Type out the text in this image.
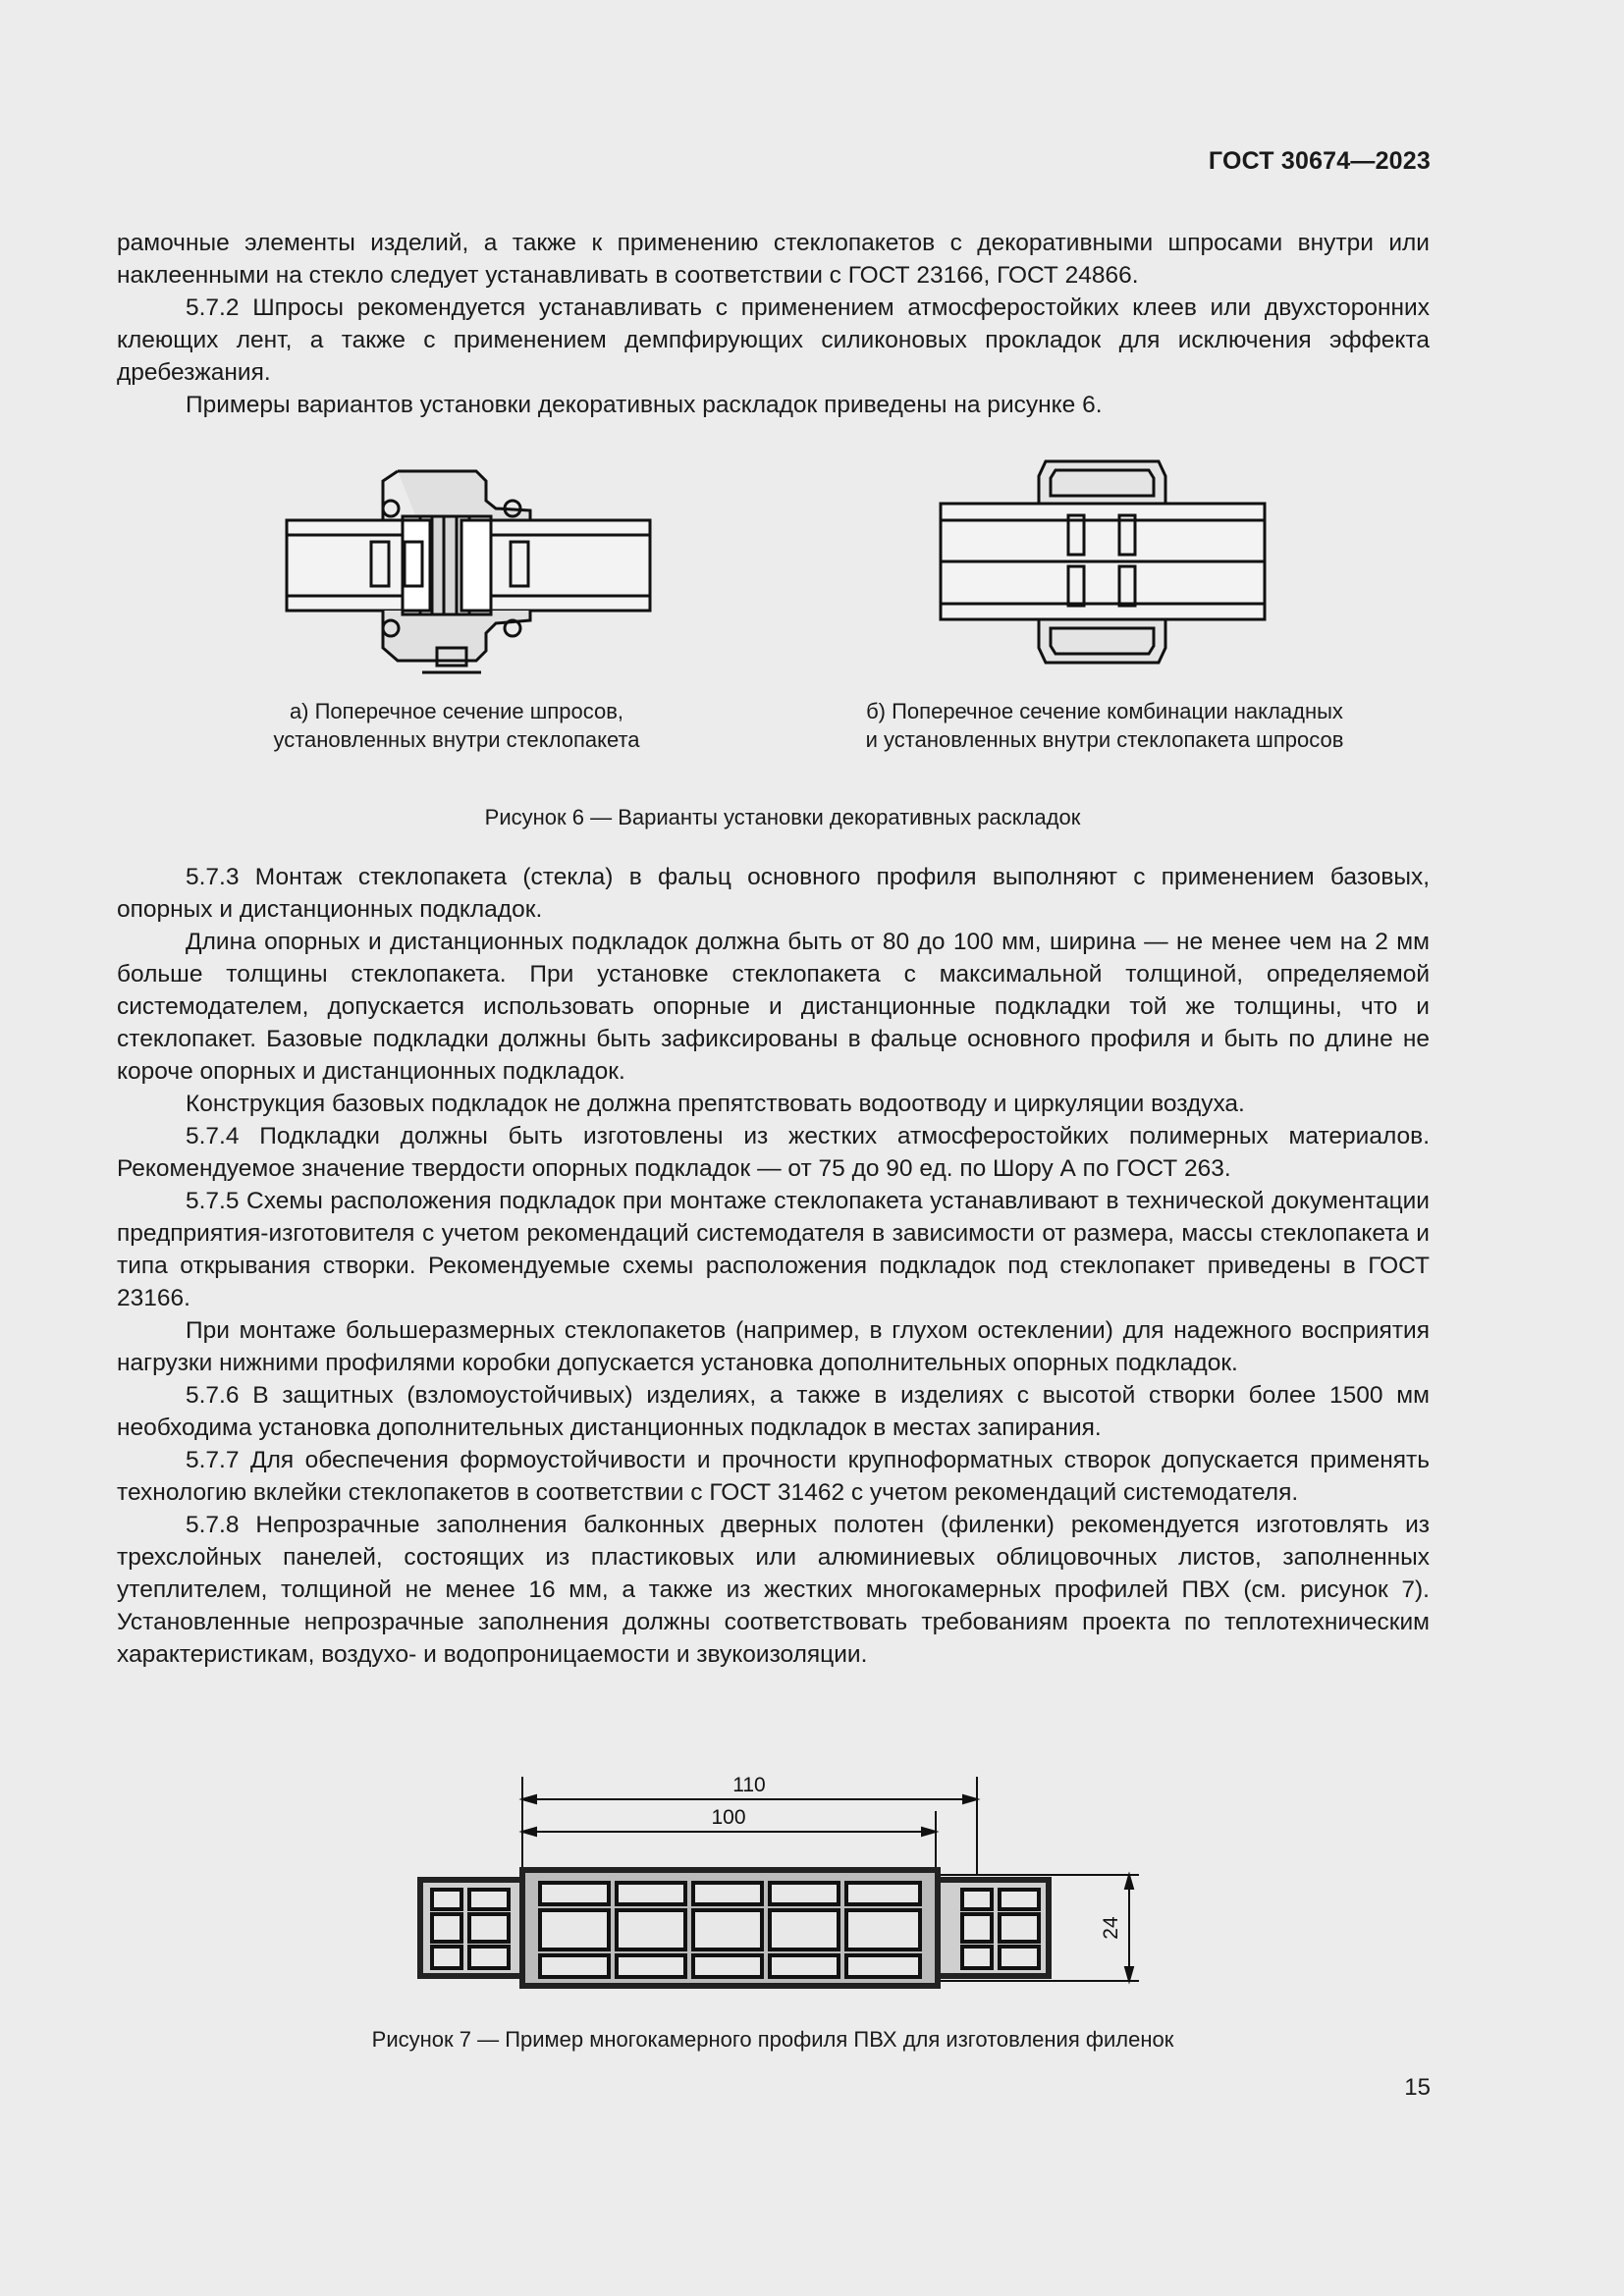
ГОСТ 30674—2023

рамочные элементы изделий, а также к применению стеклопакетов с декоративными шпросами внутри или наклеенными на стекло следует устанавливать в соответствии с ГОСТ 23166, ГОСТ 24866.

5.7.2 Шпросы рекомендуется устанавливать с применением атмосферостойких клеев или двухсторонних клеющих лент, а также с применением демпфирующих силиконовых прокладок для исключения эффекта дребезжания.

Примеры вариантов установки декоративных раскладок приведены на рисунке 6.

а) Поперечное сечение шпросов, установленных внутри стеклопакета
б) Поперечное сечение комбинации накладных и установленных внутри стеклопакета шпросов
Рисунок 6 — Варианты установки декоративных раскладок

5.7.3 Монтаж стеклопакета (стекла) в фальц основного профиля выполняют с применением базовых, опорных и дистанционных подкладок.

Длина опорных и дистанционных подкладок должна быть от 80 до 100 мм, ширина — не менее чем на 2 мм больше толщины стеклопакета. При установке стеклопакета с максимальной толщиной, определяемой системодателем, допускается использовать опорные и дистанционные подкладки той же толщины, что и стеклопакет. Базовые подкладки должны быть зафиксированы в фальце основного профиля и быть по длине не короче опорных и дистанционных подкладок.

Конструкция базовых подкладок не должна препятствовать водоотводу и циркуляции воздуха.

5.7.4 Подкладки должны быть изготовлены из жестких атмосферостойких полимерных материалов. Рекомендуемое значение твердости опорных подкладок — от 75 до 90 ед. по Шору А по ГОСТ 263.

5.7.5 Схемы расположения подкладок при монтаже стеклопакета устанавливают в технической документации предприятия-изготовителя с учетом рекомендаций системодателя в зависимости от размера, массы стеклопакета и типа открывания створки. Рекомендуемые схемы расположения подкладок под стеклопакет приведены в ГОСТ 23166.

При монтаже большеразмерных стеклопакетов (например, в глухом остеклении) для надежного восприятия нагрузки нижними профилями коробки допускается установка дополнительных опорных подкладок.

5.7.6 В защитных (взломоустойчивых) изделиях, а также в изделиях с высотой створки более 1500 мм необходима установка дополнительных дистанционных подкладок в местах запирания.

5.7.7 Для обеспечения формоустойчивости и прочности крупноформатных створок допускается применять технологию вклейки стеклопакетов в соответствии с ГОСТ 31462 с учетом рекомендаций системодателя.

5.7.8 Непрозрачные заполнения балконных дверных полотен (филенки) рекомендуется изготовлять из трехслойных панелей, состоящих из пластиковых или алюминиевых облицовочных листов, заполненных утеплителем, толщиной не менее 16 мм, а также из жестких многокамерных профилей ПВХ (см. рисунок 7). Установленные непрозрачные заполнения должны соответствовать требованиям проекта по теплотехническим характеристикам, воздухо- и водопроницаемости и звукоизоляции.

110
100
24
Рисунок 7 — Пример многокамерного профиля ПВХ для изготовления филенок
15
